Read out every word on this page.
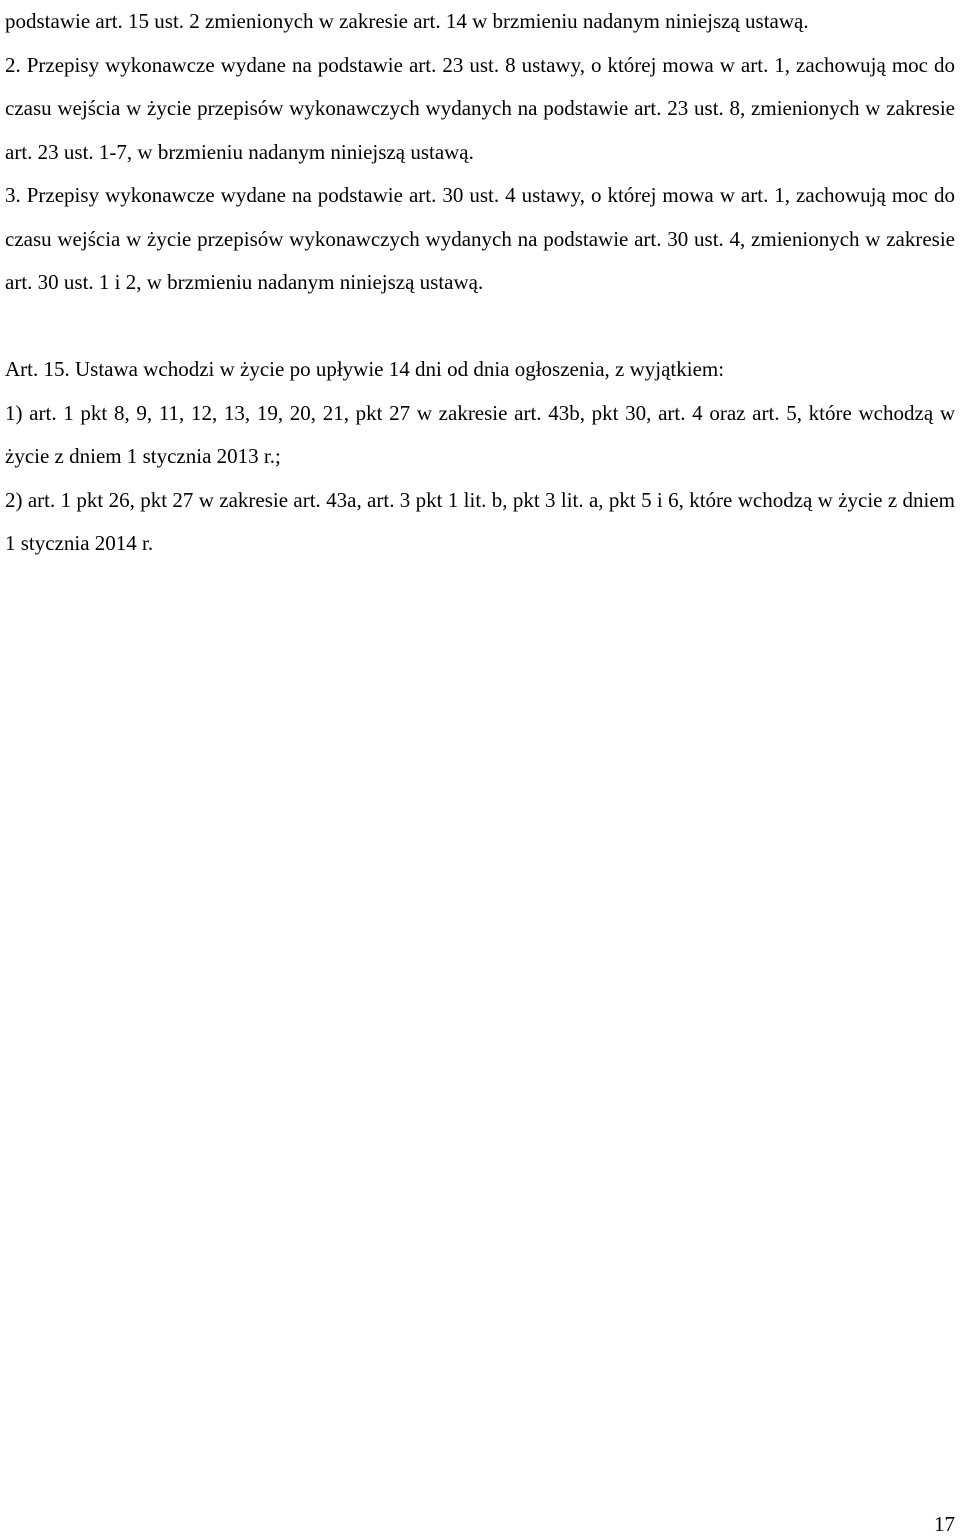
podstawie art. 15 ust. 2 zmienionych w zakresie art. 14 w brzmieniu nadanym niniejszą ustawą.

2. Przepisy wykonawcze wydane na podstawie art. 23 ust. 8 ustawy, o której mowa w art. 1, zachowują moc do czasu wejścia w życie przepisów wykonawczych wydanych na podstawie art. 23 ust. 8, zmienionych w zakresie art. 23 ust. 1-7, w brzmieniu nadanym niniejszą ustawą.

3. Przepisy wykonawcze wydane na podstawie art. 30 ust. 4 ustawy, o której mowa w art. 1, zachowują moc do czasu wejścia w życie przepisów wykonawczych wydanych na podstawie art. 30 ust. 4, zmienionych w zakresie art. 30 ust. 1 i 2, w brzmieniu nadanym niniejszą ustawą.

Art. 15. Ustawa wchodzi w życie po upływie 14 dni od dnia ogłoszenia, z wyjątkiem:

1) art. 1 pkt 8, 9, 11, 12, 13, 19, 20, 21, pkt 27 w zakresie art. 43b, pkt 30, art. 4 oraz art. 5, które wchodzą w życie z dniem 1 stycznia 2013 r.;

2) art. 1 pkt 26, pkt 27 w zakresie art. 43a, art. 3 pkt 1 lit. b, pkt 3 lit. a, pkt 5 i 6, które wchodzą w życie z dniem 1 stycznia 2014 r.

17
